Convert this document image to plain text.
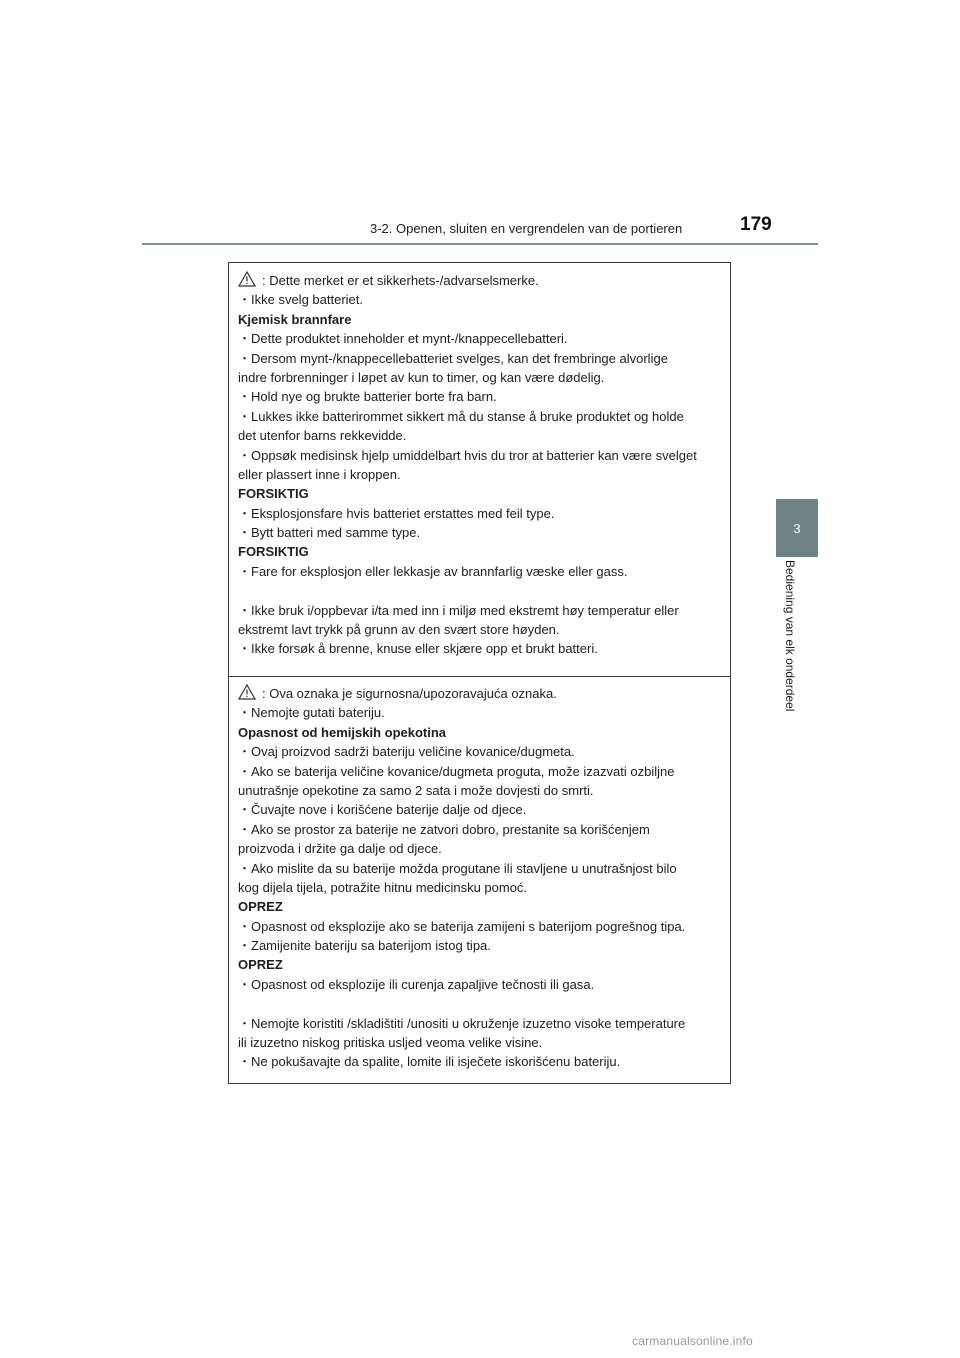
3-2. Openen, sluiten en vergrendelen van de portieren	179
3
Bediening van elk onderdeel
: Dette merket er et sikkerhets-/advarselsmerke.
・Ikke svelg batteriet.
Kjemisk brannfare
・Dette produktet inneholder et mynt-/knappecellebatteri.
・Dersom mynt-/knappecellebatteriet svelges, kan det frembringe alvorlige
indre forbrenninger i løpet av kun to timer, og kan være dødelig.
・Hold nye og brukte batterier borte fra barn.
・Lukkes ikke batterirommet sikkert må du stanse å bruke produktet og holde
det utenfor barns rekkevidde.
・Oppsøk medisinsk hjelp umiddelbart hvis du tror at batterier kan være svelget
eller plassert inne i kroppen.
FORSIKTIG
・Eksplosjonsfare hvis batteriet erstattes med feil type.
・Bytt batteri med samme type.
FORSIKTIG
・Fare for eksplosjon eller lekkasje av brannfarlig væske eller gass.
・Ikke bruk i/oppbevar i/ta med inn i miljø med ekstremt høy temperatur eller
ekstremt lavt trykk på grunn av den svært store høyden.
・Ikke forsøk å brenne, knuse eller skjære opp et brukt batteri.
: Ova oznaka je sigurnosna/upozoravajuća oznaka.
・Nemojte gutati bateriju.
Opasnost od hemijskih opekotina
・Ovaj proizvod sadrži bateriju veličine kovanice/dugmeta.
・Ako se baterija veličine kovanice/dugmeta proguta, može izazvati ozbiljne
unutrašnje opekotine za samo 2 sata i može dovjesti do smrti.
・Čuvajte nove i korišćene baterije dalje od djece.
・Ako se prostor za baterije ne zatvori dobro, prestanite sa korišćenjem
proizvoda i držite ga dalje od djece.
・Ako mislite da su baterije možda progutane ili stavljene u unutrašnjost bilo
kog dijela tijela, potražite hitnu medicinsku pomoć.
OPREZ
・Opasnost od eksplozije ako se baterija zamijeni s baterijom pogrešnog tipa.
・Zamijenite bateriju sa baterijom istog tipa.
OPREZ
・Opasnost od eksplozije ili curenja zapaljive tečnosti ili gasa.
・Nemojte koristiti /skladištiti /unositi u okruženje izuzetno visoke temperature
ili izuzetno niskog pritiska usljed veoma velike visine.
・Ne pokušavajte da spalite, lomite ili isječete iskorišćenu bateriju.
carmanualsonline.info
